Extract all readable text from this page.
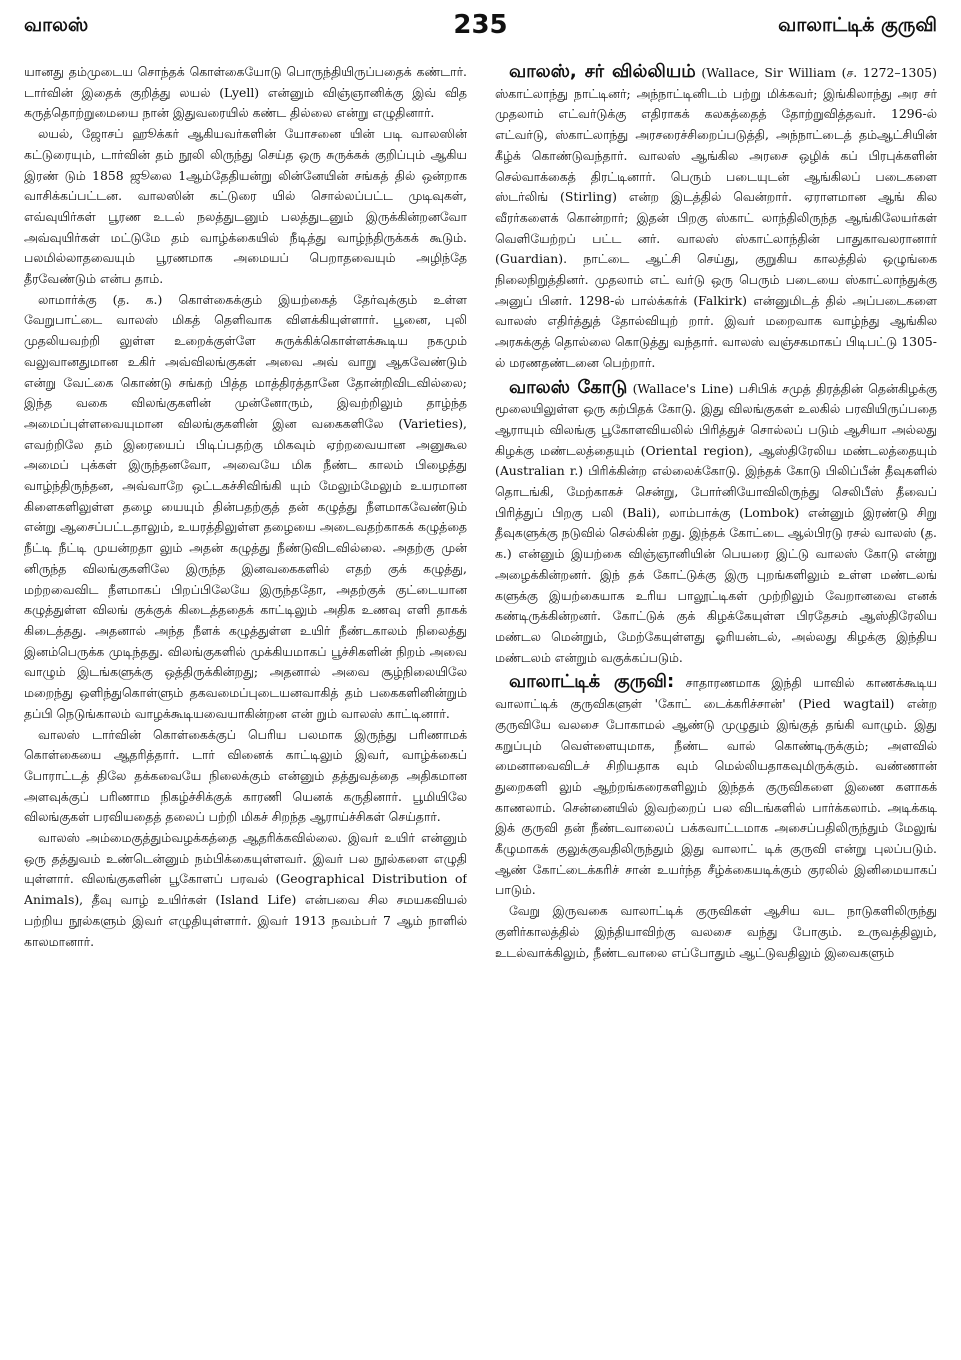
வாலஸ்	235	வாலாட்டிக் குருவி

யானது தம்முடைய சொந்தக் கொள்கையோடு பொருந்தியிருப்பதைக் கண்டார். டார்வின் இதைக் குறித்து லயல் (Lyell) என்னும் விஞ்ஞானிக்கு இவ் வித கருத்தொற்றுமையை நான் இதுவரையில் கண்ட தில்லை என்று எழுதினார்.

லயல், ஜோசப் ஹூக்கர் ஆகியவர்களின் யோசனை யின் படி வாலஸின் கட்டுரையும், டார்வின் தம் நூலி லிருந்து செய்த ஒரு சுருக்கக் குறிப்பும் ஆகிய இரண் டும் 1858 ஜூலை 1ஆம்தேதியன்று லின்னேயின் சங்கத் தில் ஒன்றாக வாசிக்கப்பட்டன. வாலஸின் கட்டுரை யில் சொல்லப்பட்ட முடிவுகள், எவ்வுயிர்கள் பூரண உடல் நலத்துடனும் பலத்துடனும் இருக்கின்றனவோ அவ்வுயிர்கள் மட்டுமே தம் வாழ்க்கையில் நீடித்து வாழ்ந்திருக்கக் கூடும். பலமில்லாதவையும் பூரணமாக அமையப் பெறாதவையும் அழிந்தே தீரவேண்டும் என்ப தாம்.

லாமார்க்கு (த. க.) கொள்கைக்கும் இயற்கைத் தேர்வுக்கும் உள்ள வேறுபாட்டை வாலஸ் மிகத் தெளிவாக விளக்கியுள்ளார். பூனை, புலி முதலியவற்றி லுள்ள உறைக்குள்ளே சுருக்கிக்கொள்ளக்கூடிய நகமும் வலுவானதுமான உகிர் அவ்விலங்குகள் அவை அவ் வாறு ஆகவேண்டும் என்று வேட்கை கொண்டு சங்கற் பித்த மாத்திரத்தானே தோன்றிவிடவில்லை; இந்த வகை விலங்குகளின் முன்னோரும், இவற்றிலும் தாழ்ந்த அமைப்புள்ளவையுமான விலங்குகளின் இன வகைகளிலே (Varieties), எவற்றிலே தம் இரையைப் பிடிப்பதற்கு மிகவும் ஏற்றவையான அனுகூல அமைப் புக்கள் இருந்தனவோ, அவையே மிக நீண்ட காலம் பிழைத்து வாழ்ந்திருந்தன, அவ்வாறே ஒட்டகச்சிவிங்கி யும் மேலும்மேலும் உயரமான கிளைகளிலுள்ள தழை யையும் தின்பதற்குத் தன் கழுத்து நீளமாகவேண்டும் என்று ஆசைப்பட்டதாலும், உயரத்திலுள்ள தழையை அடைவதற்காகக் கழுத்தை நீட்டி நீட்டி முயன்றதா லும் அதன் கழுத்து நீண்டுவிடவில்லை. அதற்கு முன் னிருந்த விலங்குகளிலே இருந்த இனவகைகளில் எதற் குக் கழுத்து, மற்றவைவிட நீளமாகப் பிறப்பிலேயே இருந்ததோ, அதற்குக் குட்டையான கழுத்துள்ள விலங் குக்குக் கிடைத்ததைக் காட்டிலும் அதிக உணவு எளி தாகக் கிடைத்தது. அதனால் அந்த நீளக் கழுத்துள்ள உயிர் நீண்டகாலம் நிலைத்து இனம்பெருக்க முடிந்தது. விலங்குகளில் முக்கியமாகப் பூச்சிகளின் நிறம் அவை வாழும் இடங்களுக்கு ஒத்திருக்கின்றது; அதனால் அவை சூழ்நிலையிலே மறைந்து ஒளிந்துகொள்ளும் தகவமைப்புடையனவாகித் தம் பகைகளினின்றும் தப்பி நெடுங்காலம் வாழக்கூடியவையாகின்றன என் றும் வாலஸ் காட்டினார்.

வாலஸ் டார்வின் கொள்கைக்குப் பெரிய பலமாக இருந்து பரிணாமக் கொள்கையை ஆதரித்தார். டார் வினைக் காட்டிலும் இவர், வாழ்க்கைப் போராட்டத் திலே தக்கவையே நிலைக்கும் என்னும் தத்துவத்தை அதிகமான அளவுக்குப் பரிணாம நிகழ்ச்சிக்குக் காரணி யெனக் கருதினார். பூமியிலே விலங்குகள் பரவியதைத் தலைப் பற்றி மிகச் சிறந்த ஆராய்ச்சிகள் செய்தார்.

வாலஸ் அம்மைகுத்தும்வழக்கத்தை ஆதரிக்கவில்லை. இவர் உயிர் என்னும் ஒரு தத்துவம் உண்டென்னும் நம்பிக்கையுள்ளவர். இவர் பல நூல்களை எழுதி யுள்ளார். விலங்குகளின் பூகோளப் பரவல் (Geographical Distribution of Animals), தீவு வாழ் உயிர்கள் (Island Life) என்பவை சில சமயகவியல் பற்றிய நூல்களும் இவர் எழுதியுள்ளார். இவர் 1913 நவம்பர் 7 ஆம் நாளில் காலமானார்.

வாலஸ், சர் வில்லியம் (Wallace, Sir William (ச. 1272–1305) ஸ்காட்லாந்து நாட்டினர்; அந்நாட்டினிடம் பற்று மிக்கவர்; இங்கிலாந்து அர சர் முதலாம் எட்வர்டுக்கு எதிராகக் கலகத்தைத் தோற்றுவித்தவர். 1296-ல் எட்வர்டு, ஸ்காட்லாந்து அரசரைச்சிறைப்படுத்தி, அந்நாட்டைத் தம்ஆட்சியின் கீழ்க் கொண்டுவந்தார். வாலஸ் ஆங்கில அரசை ஒழிக் கப் பிரபுக்களின் செல்வாக்கைத் திரட்டினார். பெரும் படையுடன் ஆங்கிலப் படைகளை ஸ்டர்லிங் (Stirling) என்ற இடத்தில் வென்றார். ஏராளமான ஆங் கில வீரர்களைக் கொன்றார்; இதன் பிறகு ஸ்காட் லாந்திலிருந்த ஆங்கிலேயர்கள் வெளியேற்றப் பட்ட னர். வாலஸ் ஸ்காட்லாந்தின் பாதுகாவலரானார் (Guardian). நாட்டை ஆட்சி செய்து, குறுகிய காலத்தில் ஒழுங்கை நிலைநிறுத்தினர். முதலாம் எட் வர்டு ஒரு பெரும் படையை ஸ்காட்லாந்துக்கு அனுப் பினர். 1298-ல் பால்க்கர்க் (Falkirk) என்னுமிடத் தில் அப்படைகளை வாலஸ் எதிர்த்துத் தோல்வியுற் றார். இவர் மறைவாக வாழ்ந்து ஆங்கில அரசுக்குத் தொல்லை கொடுத்து வந்தார். வாலஸ் வஞ்சகமாகப் பிடிபட்டு 1305-ல் மரணதண்டனை பெற்றார்.

வாலஸ் கோடு (Wallace's Line) பசிபிக் சமுத் திரத்தின் தென்கிழக்கு மூலையிலுள்ள ஒரு கற்பிதக் கோடு. இது விலங்குகள் உலகில் பரவியிருப்பதை ஆராயும் விலங்கு பூகோளவியலில் பிரித்துச் சொல்லப் படும் ஆசியா அல்லது கிழக்கு மண்டலத்தையும் (Oriental region), ஆஸ்திரேலிய மண்டலத்தையும் (Australian r.) பிரிக்கின்ற எல்லைக்கோடு. இந்தக் கோடு பிலிப்பீன் தீவுகளில் தொடங்கி, மேற்காகச் சென்று, போர்னியோவிலிருந்து செலிபீஸ் தீவைப் பிரித்துப் பிறகு பலி (Bali), லாம்பாக்கு (Lombok) என்னும் இரண்டு சிறு தீவுகளுக்கு நடுவில் செல்கின் றது. இந்தக் கோட்டை ஆல்பிரடு ரசல் வாலஸ் (த. க.) என்னும் இயற்கை விஞ்ஞானியின் பெயரை இட்டு வாலஸ் கோடு என்று அழைக்கின்றனர். இந் தக் கோட்டுக்கு இரு புறங்களிலும் உள்ள மண்டலங் களுக்கு இயற்கையாக உரிய பாலூட்டிகள் முற்றிலும் வேறானவை எனக் கண்டிருக்கின்றனர். கோட்டுக் குக் கிழக்கேயுள்ள பிரதேசம் ஆஸ்திரேலிய மண்டல மென்றும், மேற்கேயுள்ளது ஓரியன்டல், அல்லது கிழக்கு இந்திய மண்டலம் என்றும் வகுக்கப்படும்.

வாலாட்டிக் குருவி: சாதாரணமாக இந்தி யாவில் காணக்கூடிய வாலாட்டிக் குருவிகளுள் 'கோட் டைக்கரிச்சான்' (Pied wagtail) என்ற குருவியே வலசை போகாமல் ஆண்டு முழுதும் இங்குத் தங்கி வாழும். இது கறுப்பும் வெள்ளையுமாக, நீண்ட வால் கொண்டிருக்கும்; அளவில் மைனாவைவிடச் சிறியதாக வும் மெல்லியதாகவுமிருக்கும். வண்ணான் துறைகளி லும் ஆற்றங்கரைகளிலும் இந்தக் குருவிகளை இணை களாகக் காணலாம். சென்னையில் இவற்றைப் பல விடங்களில் பார்க்கலாம். அடிக்கடி இக் குருவி தன் நீண்டவாலைப் பக்கவாட்டமாக அசைப்பதிலிருந்தும் மேலுங் கீழுமாகக் குலுக்குவதிலிருந்தும் இது வாலாட் டிக் குருவி என்று புலப்படும். ஆண் கோட்டைக்கரிச் சான் உயர்ந்த சீழ்க்கையடிக்கும் குரலில் இனிமையாகப் பாடும்.

வேறு இருவகை வாலாட்டிக் குருவிகள் ஆசிய வட நாடுகளிலிருந்து குளிர்காலத்தில் இந்தியாவிற்கு வலசை வந்து போகும். உருவத்திலும், உடல்வாக்கிலும், நீண்டவாலை எப்போதும் ஆட்டுவதிலும் இவைகளும்
